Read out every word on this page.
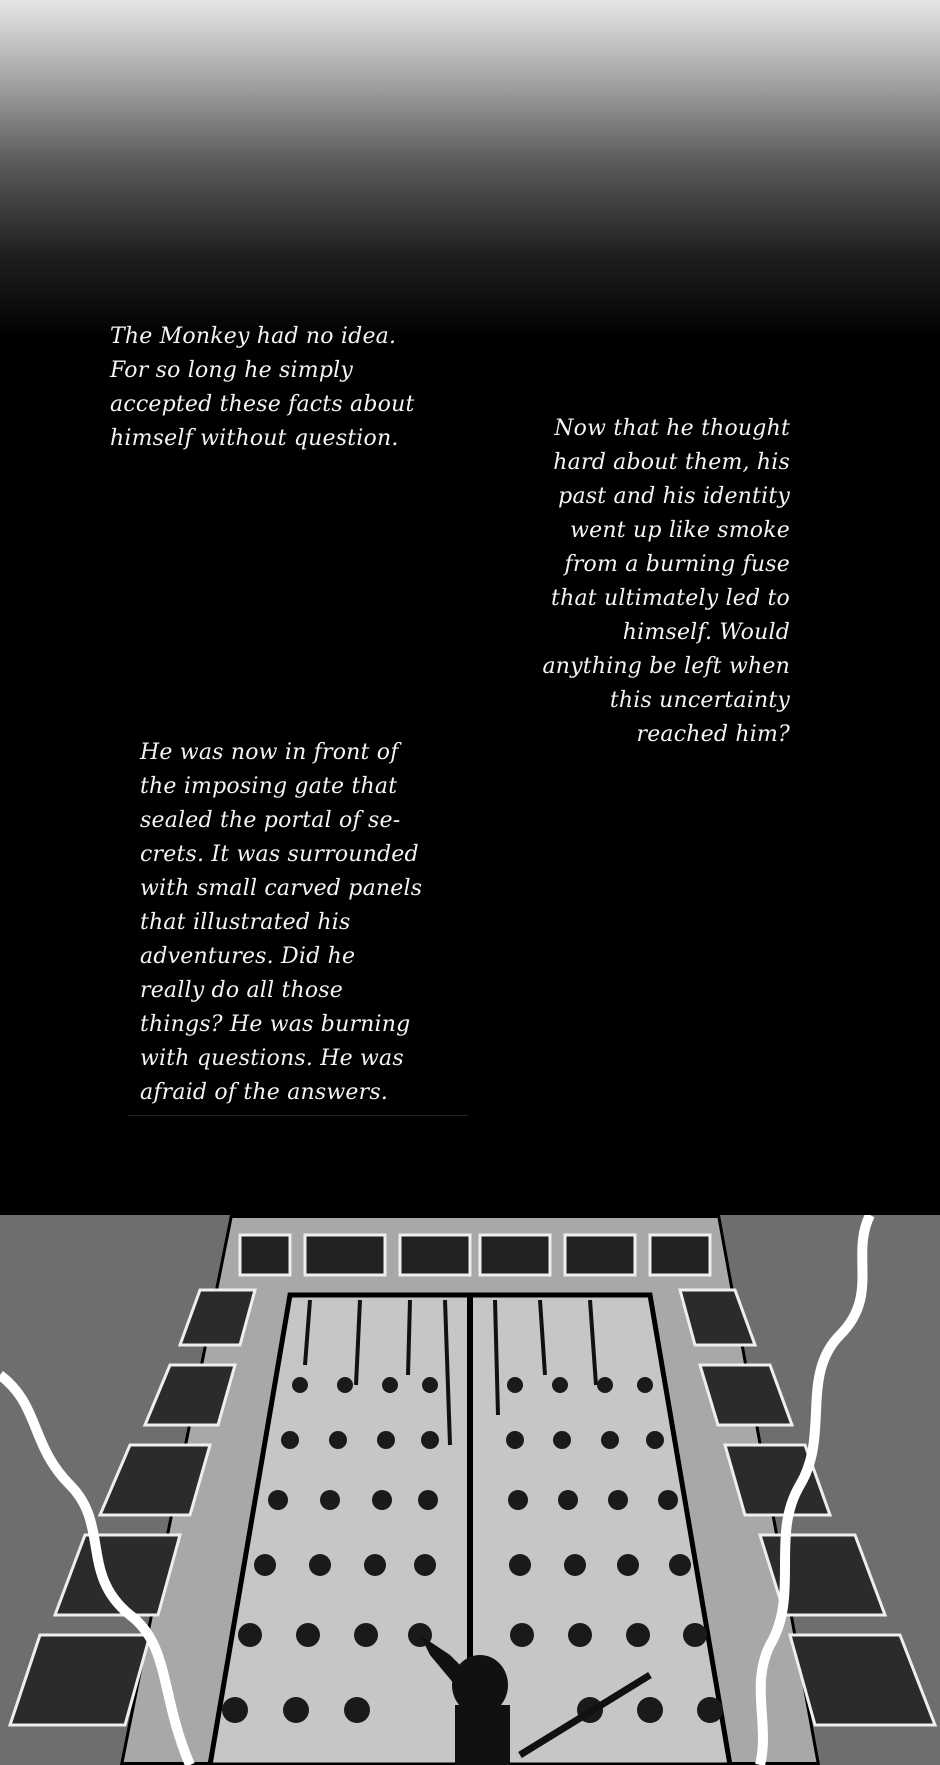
The Monkey had no idea.
For so long he simply
accepted these facts about
himself without question.	Now that he thought
hard about them, his
past and his identity
went up like smoke
from a burning fuse
that ultimately led to
himself. Would
anything be left when
this uncertainty
reached him?

He was now in front of
the imposing gate that
sealed the portal of se-
crets. It was surrounded
with small carved panels
that illustrated his
adventures. Did he
really do all those
things? He was burning
with questions. He was
afraid of the answers.
